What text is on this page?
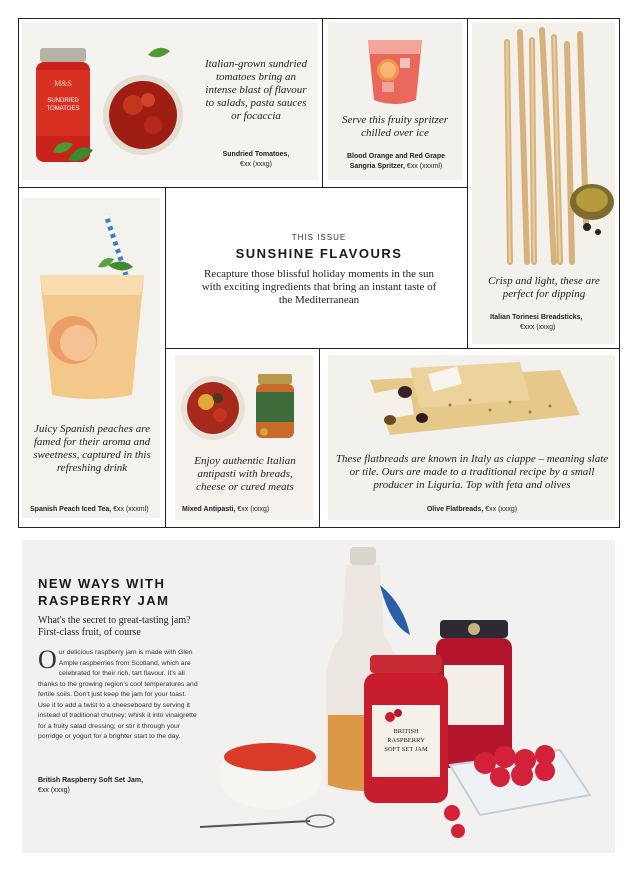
M&S
SUNDRIED
TOMATOES
Italian-grown sundried tomatoes bring an intense blast of flavour to salads, pasta sauces or focaccia
Sundried Tomatoes,
€xx (xxxg)
Serve this fruity spritzer chilled over ice
Blood Orange and Red Grape
Sangria Spritzer, €xx (xxxml)
Crisp and light, these are perfect for dipping
Italian Torinesi Breadsticks,
€xxx (xxxg)
THIS ISSUE
SUNSHINE FLAVOURS
Recapture those blissful holiday moments in the sun with exciting ingredients that bring an instant taste of the Mediterranean
Juicy Spanish peaches are famed for their aroma and sweetness, captured in this refreshing drink
Spanish Peach Iced Tea, €xx (xxxml)
Enjoy authentic Italian antipasti with breads, cheese or cured meats
Mixed Antipasti, €xx (xxxg)
These flatbreads are known in Italy as ciappe – meaning slate or tile. Ours are made to a traditional recipe by a small producer in Liguria. Top with feta and olives
Olive Flatbreads, €xx (xxxg)
BRITISH
RASPBERRY
SOFT SET JAM
NEW WAYS WITH
RASPBERRY JAM
What's the secret to great-tasting jam? First-class fruit, of course
Our delicious raspberry jam is made with Glen Ample raspberries from Scotland, which are celebrated for their rich, tart flavour. It's all thanks to the growing region's cool temperatures and fertile soils. Don't just keep the jam for your toast. Use it to add a twist to a cheeseboard by serving it instead of traditional chutney; whisk it into vinaigrette for a fruity salad dressing; or stir it through your porridge or yogurt for a brighter start to the day.
British Raspberry Soft Set Jam,
€xx (xxxg)
